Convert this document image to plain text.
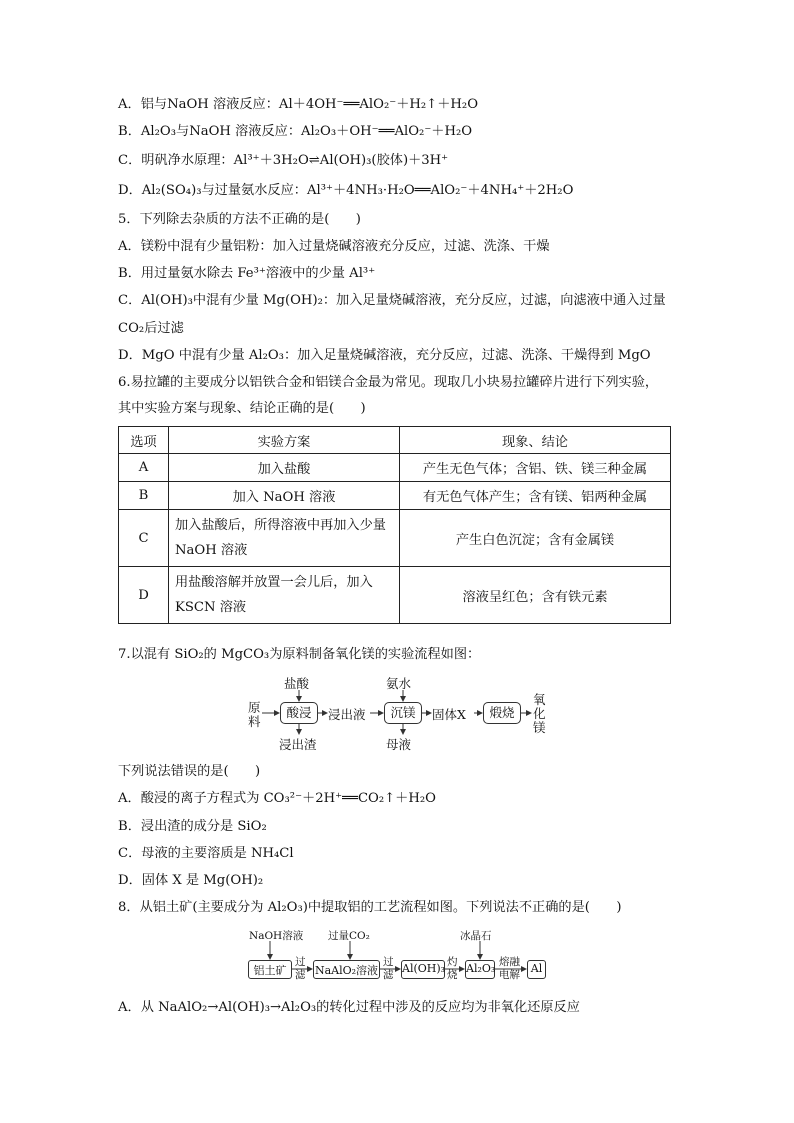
A．铝与NaOH 溶液反应：Al＋4OH⁻══AlO₂⁻＋H₂↑＋H₂O
B．Al₂O₃与NaOH 溶液反应：Al₂O₃＋OH⁻══AlO₂⁻＋H₂O
C．明矾净水原理：Al³⁺＋3H₂O⇌Al(OH)₃(胶体)＋3H⁺
D．Al₂(SO₄)₃与过量氨水反应：Al³⁺＋4NH₃·H₂O══AlO₂⁻＋4NH₄⁺＋2H₂O
5．下列除去杂质的方法不正确的是(　　)
A．镁粉中混有少量铝粉：加入过量烧碱溶液充分反应，过滤、洗涤、干燥
B．用过量氨水除去 Fe³⁺溶液中的少量 Al³⁺
C．Al(OH)₃中混有少量 Mg(OH)₂：加入足量烧碱溶液，充分反应，过滤，向滤液中通入过量
CO₂后过滤
D．MgO 中混有少量 Al₂O₃：加入足量烧碱溶液，充分反应，过滤、洗涤、干燥得到 MgO
6.易拉罐的主要成分以铝铁合金和铝镁合金最为常见。现取几小块易拉罐碎片进行下列实验，
其中实验方案与现象、结论正确的是(　　)
选项	实验方案	现象、结论
A	加入盐酸	产生无色气体；含铝、铁、镁三种金属
B	加入 NaOH 溶液	有无色气体产生；含有镁、铝两种金属
C	加入盐酸后，所得溶液中再加入少量
NaOH 溶液	产生白色沉淀；含有金属镁
D	用盐酸溶解并放置一会儿后，加入
KSCN 溶液	溶液呈红色；含有铁元素
7.以混有 SiO₂的 MgCO₃为原料制备氧化镁的实验流程如图：
盐酸	氨水
原
料
酸浸	浸出液	沉镁	固体X	煅烧
氧
化
镁
浸出渣	母液
下列说法错误的是(　　)
A．酸浸的离子方程式为 CO₃²⁻＋2H⁺══CO₂↑＋H₂O
B．浸出渣的成分是 SiO₂
C．母液的主要溶质是 NH₄Cl
D．固体 X 是 Mg(OH)₂
8．从铝土矿(主要成分为 Al₂O₃)中提取铝的工艺流程如图。下列说法不正确的是(　　)
NaOH溶液 过量CO₂	冰晶石
铝土矿
过
滤 NaAlO₂溶液
过
滤 Al(OH)₃ 灼
烧 Al₂O₃ 熔融
电解 Al
A．从 NaAlO₂→Al(OH)₃→Al₂O₃的转化过程中涉及的反应均为非氧化还原反应
